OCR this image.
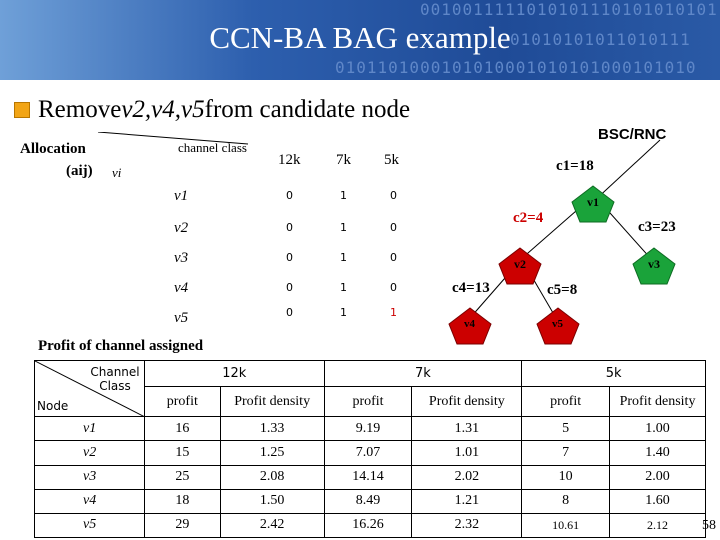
0010011111010101110101010101
01010101011010111
0101101000101010001010101000101010
CCN-BA BAG example
Remove v2,v4,v5 from candidate node
Allocation
(aij) vi
channel class
12k 7k 5k
v1	0	1	0
v2	0	1	0
v3	0	1	0
v4	0	1	0
v5	0	1	1
BSC/RNC
c1=18
c2=4
c3=23
c4=13	c5=8
v1
v2	v3
v4	v5
Profit of channel assigned
Channel Class
Node	12k		7k		5k	
	profit	Profit density	profit	Profit density	profit	Profit density
v1	16	1.33	9.19	1.31	5	1.00
v2	15	1.25	7.07	1.01	7	1.40
v3	25	2.08	14.14	2.02	10	2.00
v4	18	1.50	8.49	1.21	8	1.60
v5	29	2.42	16.26	2.32	10.61	2.12 58
